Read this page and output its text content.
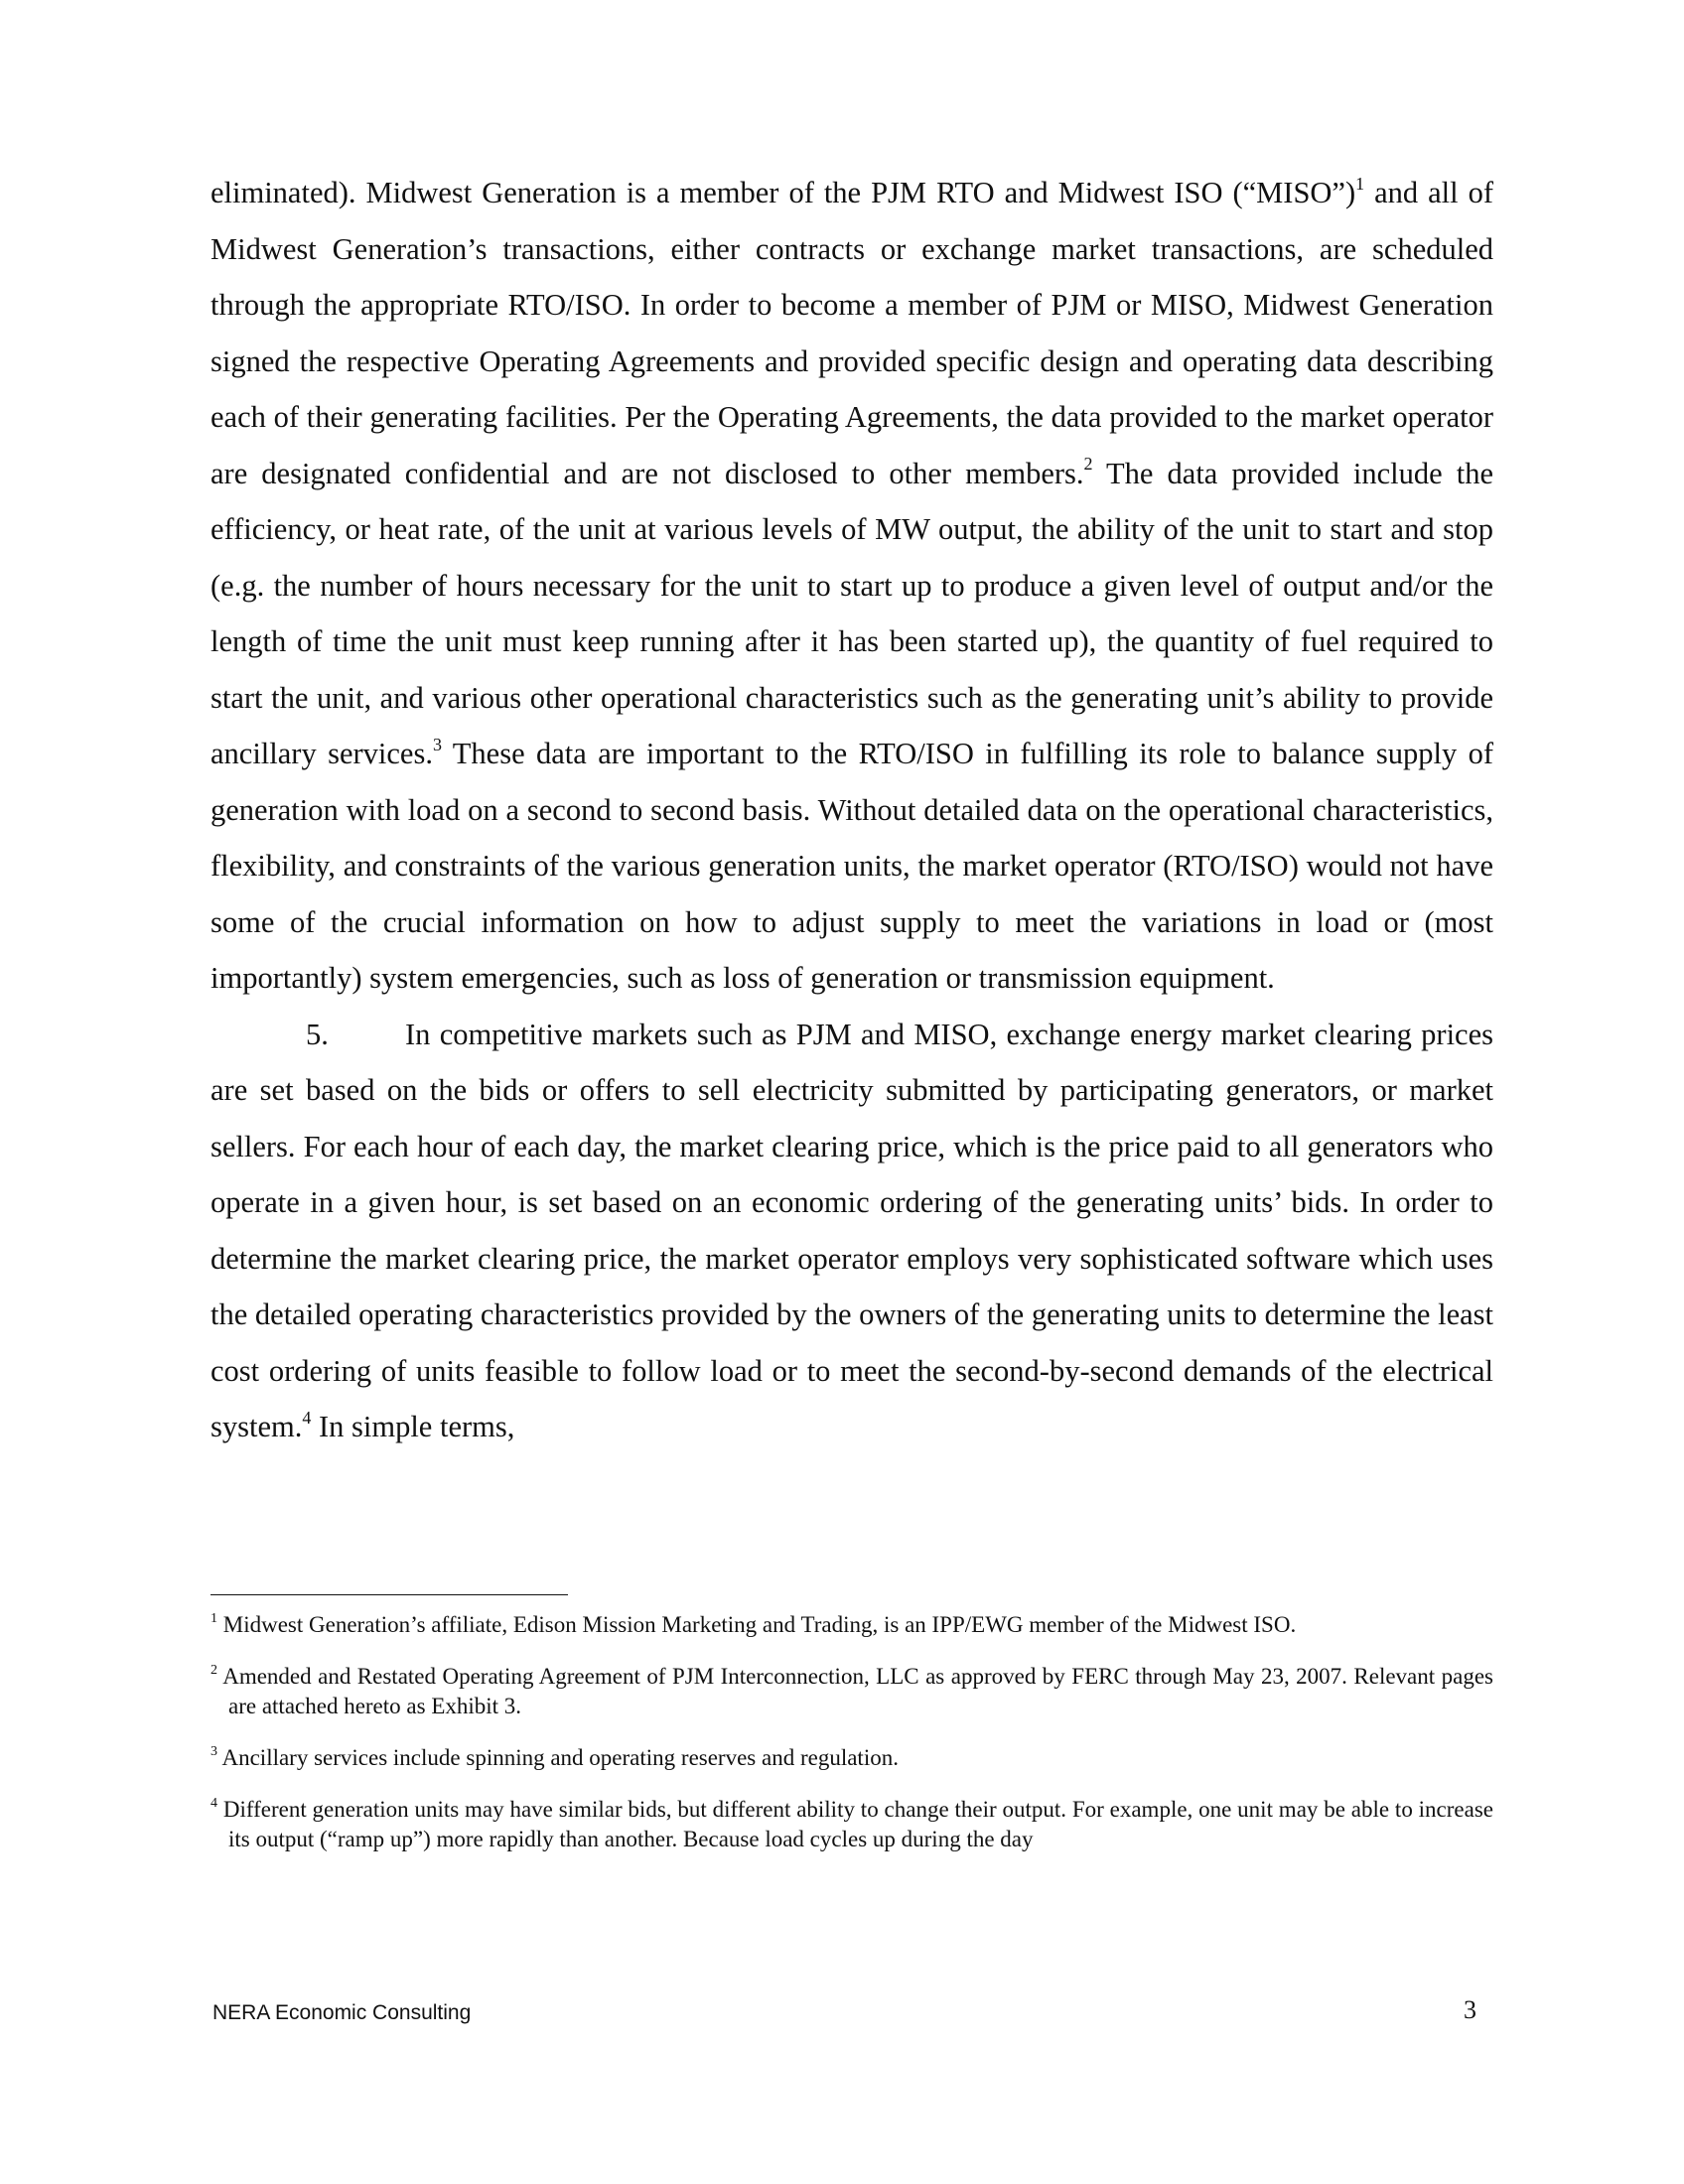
eliminated). Midwest Generation is a member of the PJM RTO and Midwest ISO (“MISO”)$^1$ and all of Midwest Generation’s transactions, either contracts or exchange market transactions, are scheduled through the appropriate RTO/ISO. In order to become a member of PJM or MISO, Midwest Generation signed the respective Operating Agreements and provided specific design and operating data describing each of their generating facilities. Per the Operating Agreements, the data provided to the market operator are designated confidential and are not disclosed to other members.$^2$ The data provided include the efficiency, or heat rate, of the unit at various levels of MW output, the ability of the unit to start and stop (e.g. the number of hours necessary for the unit to start up to produce a given level of output and/or the length of time the unit must keep running after it has been started up), the quantity of fuel required to start the unit, and various other operational characteristics such as the generating unit’s ability to provide ancillary services.$^3$ These data are important to the RTO/ISO in fulfilling its role to balance supply of generation with load on a second to second basis. Without detailed data on the operational characteristics, flexibility, and constraints of the various generation units, the market operator (RTO/ISO) would not have some of the crucial information on how to adjust supply to meet the variations in load or (most importantly) system emergencies, such as loss of generation or transmission equipment.

5.	In competitive markets such as PJM and MISO, exchange energy market clearing prices are set based on the bids or offers to sell electricity submitted by participating generators, or market sellers. For each hour of each day, the market clearing price, which is the price paid to all generators who operate in a given hour, is set based on an economic ordering of the generating units’ bids. In order to determine the market clearing price, the market operator employs very sophisticated software which uses the detailed operating characteristics provided by the owners of the generating units to determine the least cost ordering of units feasible to follow load or to meet the second-by-second demands of the electrical system.$^4$ In simple terms,

$^1$ Midwest Generation’s affiliate, Edison Mission Marketing and Trading, is an IPP/EWG member of the Midwest ISO.

$^2$ Amended and Restated Operating Agreement of PJM Interconnection, LLC as approved by FERC through May 23, 2007. Relevant pages are attached hereto as Exhibit 3.

$^3$ Ancillary services include spinning and operating reserves and regulation.

$^4$ Different generation units may have similar bids, but different ability to change their output. For example, one unit may be able to increase its output (“ramp up”) more rapidly than another. Because load cycles up during the day

NERA Economic Consulting	3
